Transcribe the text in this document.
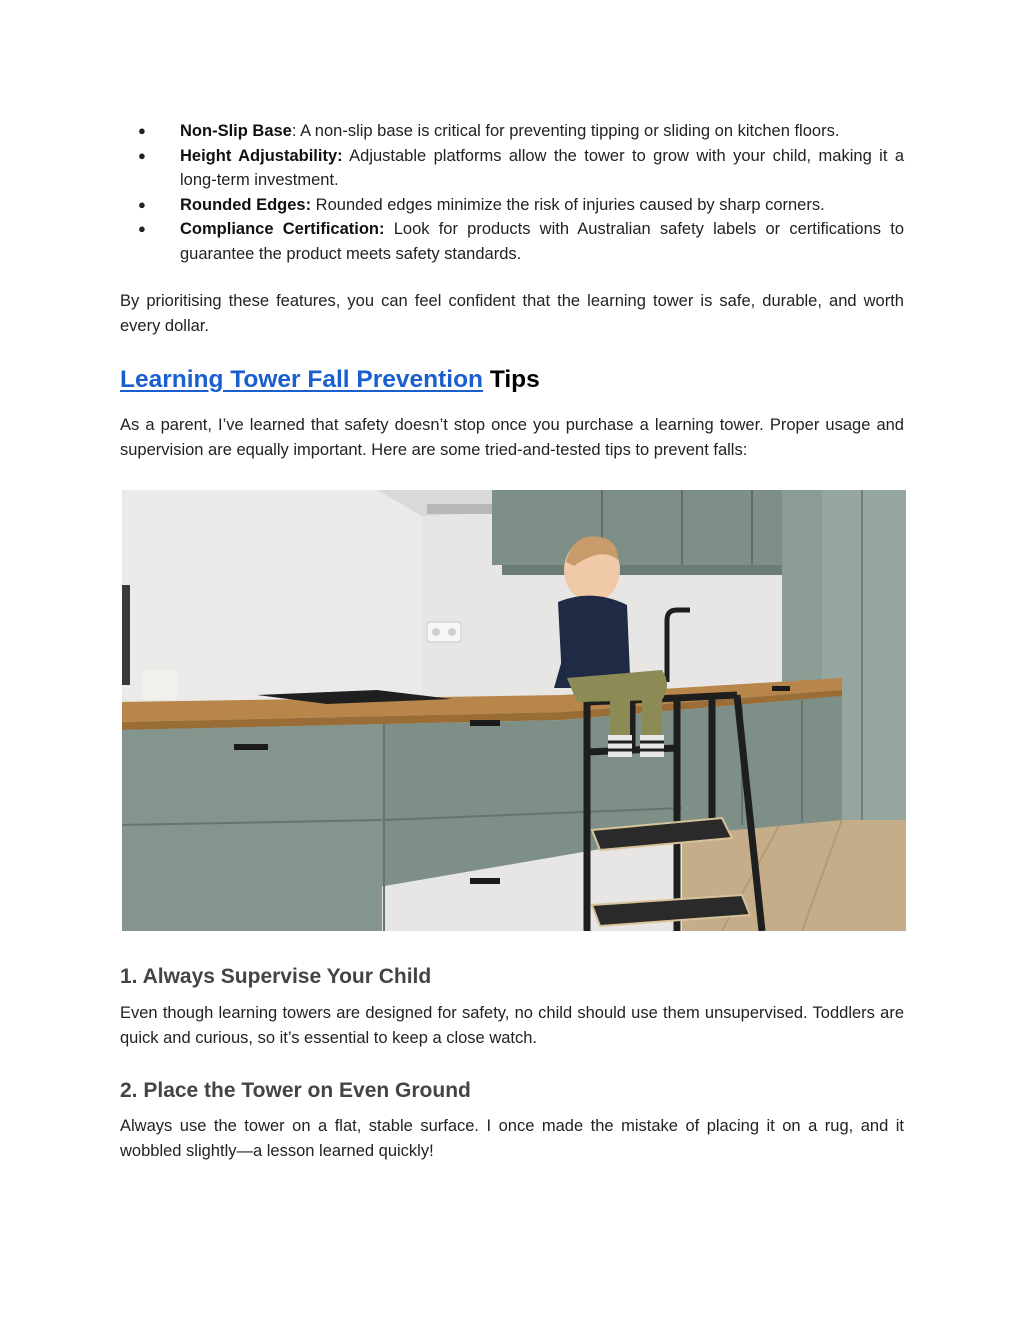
● Non-Slip Base: A non-slip base is critical for preventing tipping or sliding on kitchen floors.
● Height Adjustability: Adjustable platforms allow the tower to grow with your child, making it a long-term investment.
● Rounded Edges: Rounded edges minimize the risk of injuries caused by sharp corners.
● Compliance Certification: Look for products with Australian safety labels or certifications to guarantee the product meets safety standards.

By prioritising these features, you can feel confident that the learning tower is safe, durable, and worth every dollar.

Learning Tower Fall Prevention Tips

As a parent, I’ve learned that safety doesn’t stop once you purchase a learning tower. Proper usage and supervision are equally important. Here are some tried-and-tested tips to prevent falls:

1. Always Supervise Your Child

Even though learning towers are designed for safety, no child should use them unsupervised. Toddlers are quick and curious, so it’s essential to keep a close watch.

2. Place the Tower on Even Ground

Always use the tower on a flat, stable surface. I once made the mistake of placing it on a rug, and it wobbled slightly—a lesson learned quickly!
